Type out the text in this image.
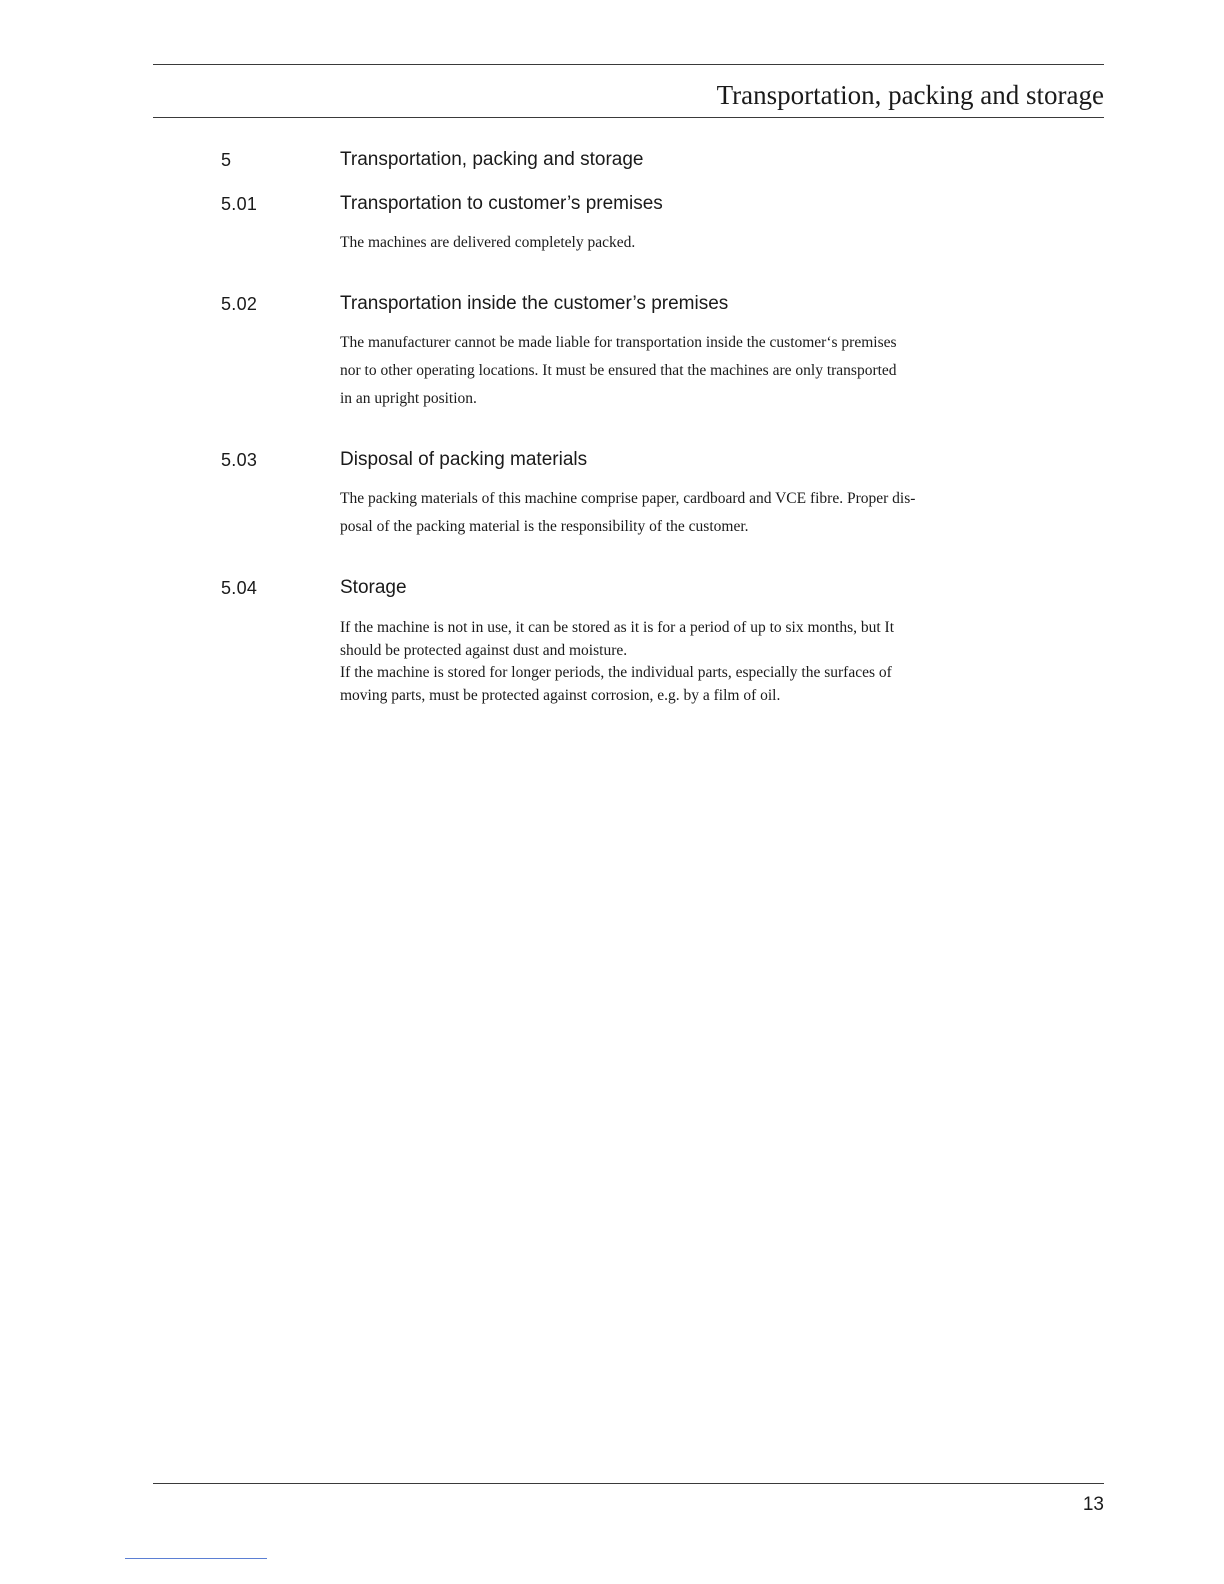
Transportation, packing and storage
5	Transportation, packing and storage
5.01	Transportation to customer’s premises
The machines are delivered completely packed.
5.02	Transportation inside the customer’s premises
The manufacturer cannot be made liable for transportation inside the customer‘s premises
nor to other operating locations. It must be ensured that the machines are only transported
in an upright position.
5.03	Disposal of packing materials
The packing materials of this machine comprise paper, cardboard and VCE fibre. Proper dis-
posal of the packing material is the responsibility of the customer.
5.04	Storage
If the machine is not in use, it can be stored as it is for a period of up to six months, but It
should be protected against dust and moisture.
If the machine is stored for longer periods, the individual parts, especially the surfaces of
moving parts, must be protected against corrosion, e.g. by a film of oil.
13
